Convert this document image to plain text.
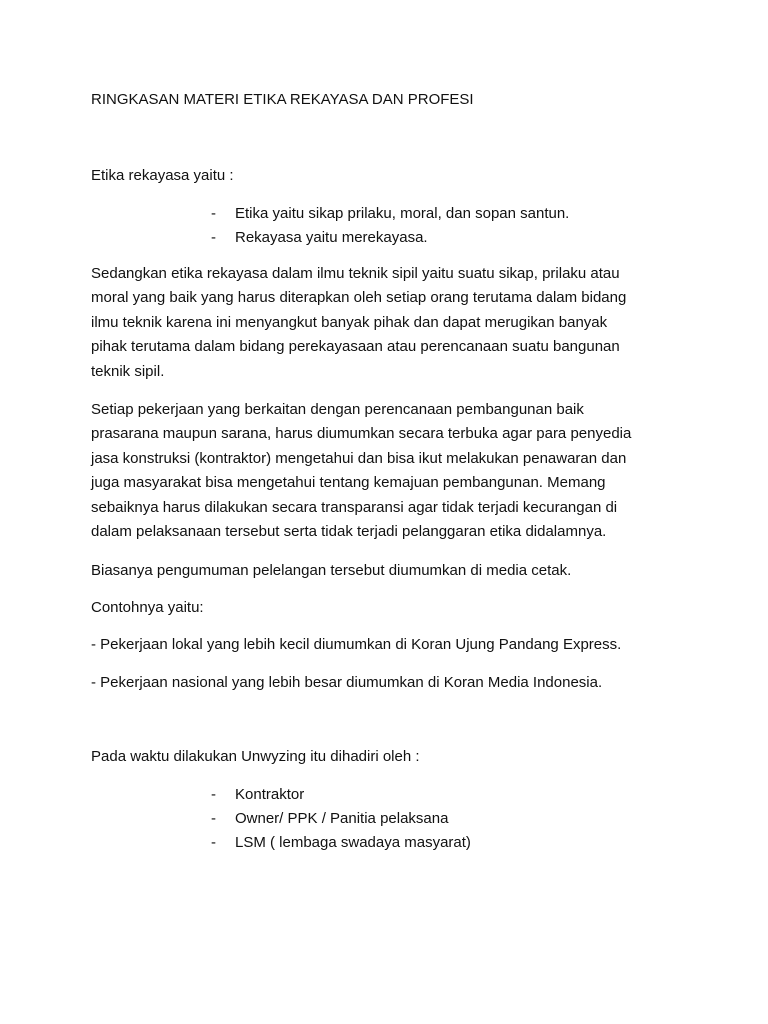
RINGKASAN MATERI ETIKA REKAYASA DAN PROFESI
Etika rekayasa yaitu :
- Etika yaitu sikap prilaku, moral, dan sopan santun.
- Rekayasa yaitu merekayasa.

Sedangkan etika rekayasa dalam ilmu teknik sipil yaitu suatu sikap, prilaku atau
moral yang baik yang harus diterapkan oleh setiap orang terutama dalam bidang
ilmu teknik karena ini menyangkut banyak pihak dan dapat merugikan banyak
pihak terutama dalam bidang perekayasaan atau perencanaan suatu bangunan
teknik sipil.

Setiap pekerjaan yang berkaitan dengan perencanaan pembangunan baik
prasarana maupun sarana, harus diumumkan secara terbuka agar para penyedia
jasa konstruksi (kontraktor) mengetahui dan bisa ikut melakukan penawaran dan
juga masyarakat bisa mengetahui tentang kemajuan pembangunan. Memang
sebaiknya harus dilakukan secara transparansi agar tidak terjadi kecurangan di
dalam pelaksanaan tersebut serta tidak terjadi pelanggaran etika didalamnya.

Biasanya pengumuman pelelangan tersebut diumumkan di media cetak.

Contohnya yaitu:

- Pekerjaan lokal yang lebih kecil diumumkan di Koran Ujung Pandang Express.

- Pekerjaan nasional yang lebih besar diumumkan di Koran Media Indonesia.

Pada waktu dilakukan Unwyzing itu dihadiri oleh :
- Kontraktor
- Owner/ PPK / Panitia pelaksana
- LSM ( lembaga swadaya masyarat)
